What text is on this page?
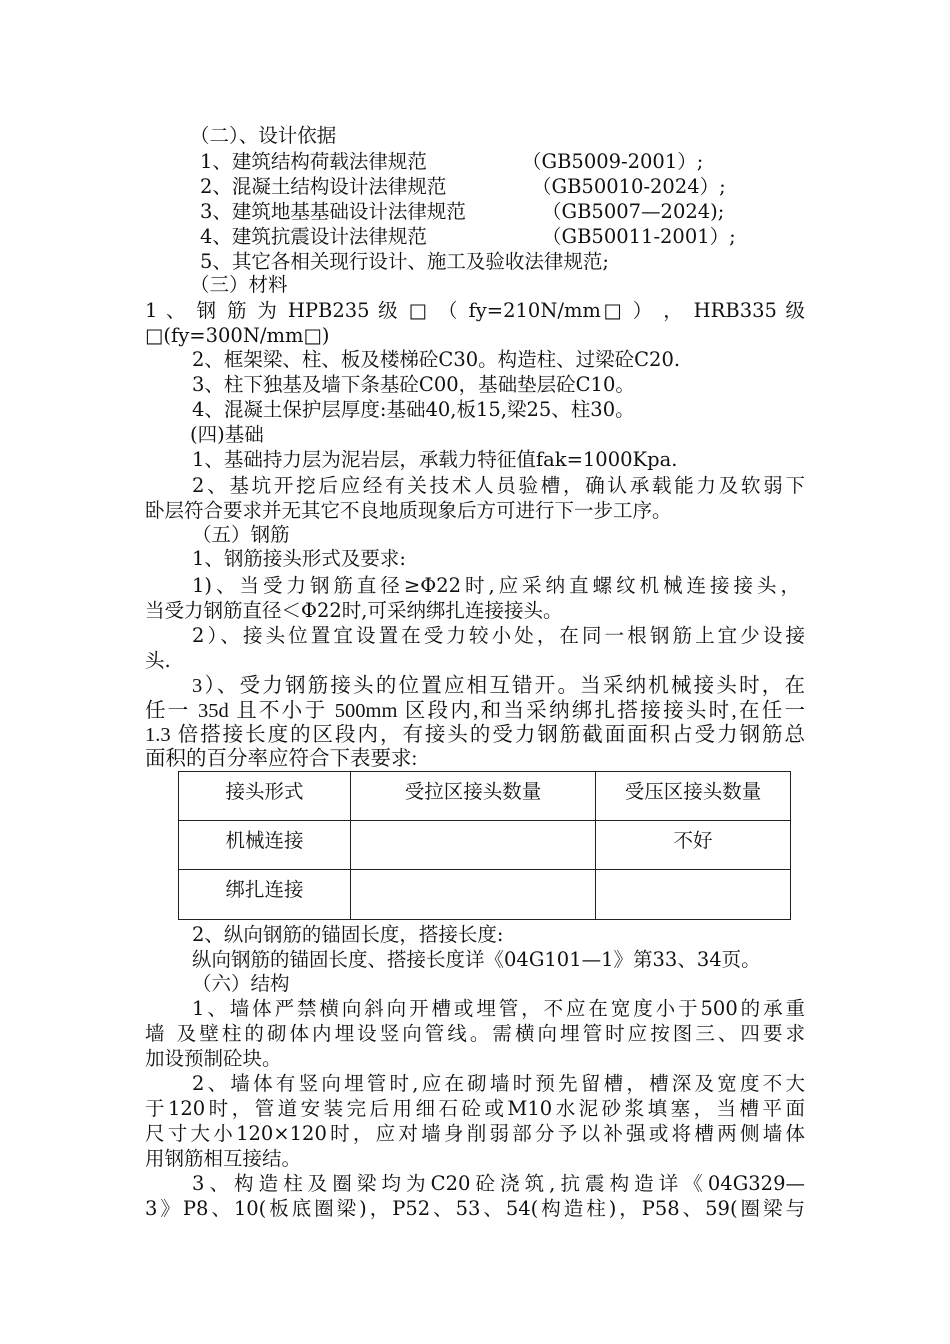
（二）、设计依据
1、建筑结构荷载法律规范	（GB5009-2001）;
2、混凝土结构设计法律规范	（GB50010-2024）;
3、建筑地基基础设计法律规范	（GB5007—2024);
4、建筑抗震设计法律规范	（GB50011-2001）;
5、其它各相关现行设计、施工及验收法律规范;
（三）材料
1 、 钢 筋 为 HPB235 级 □ （ fy=210N/mm□ ） ， HRB335 级
□(fy=300N/mm□)
2、框架梁、柱、板及楼梯砼C30。构造柱、过梁砼C20.
3、柱下独基及墙下条基砼C00，基础垫层砼C10。
4、混凝土保护层厚度:基础40,板15,梁25、柱30。
(四)基础
1、基础持力层为泥岩层，承载力特征值fak=1000Kpa.
2、基坑开挖后应经有关技术人员验槽，确认承载能力及软弱下
卧层符合要求并无其它不良地质现象后方可进行下一步工序。
（五）钢筋
1、钢筋接头形式及要求:
1)、当受力钢筋直径≥Φ22时,应采纳直螺纹机械连接接头，
当受力钢筋直径＜Φ22时,可采纳绑扎连接接头。
2）、接头位置宜设置在受力较小处，在同一根钢筋上宜少设接
头.
3）、受力钢筋接头的位置应相互错开。当采纳机械接头时，在
任一 35d 且不小于 500mm 区段内,和当采纳绑扎搭接接头时,在任一
1.3 倍搭接长度的区段内，有接头的受力钢筋截面面积占受力钢筋总
面积的百分率应符合下表要求:
接头形式	受拉区接头数量	受压区接头数量
机械连接		不好
绑扎连接		
2、纵向钢筋的锚固长度，搭接长度:
纵向钢筋的锚固长度、搭接长度详《04G101—1》第33、34页。
（六）结构
1、墙体严禁横向斜向开槽或埋管，不应在宽度小于500的承重
墙 及壁柱的砌体内埋设竖向管线。需横向埋管时应按图三、四要求
加设预制砼块。
2、墙体有竖向埋管时,应在砌墙时预先留槽，槽深及宽度不大
于120时，管道安装完后用细石砼或M10水泥砂浆填塞，当槽平面
尺寸大小120×120时，应对墙身削弱部分予以补强或将槽两侧墙体
用钢筋相互接结。
3、构造柱及圈梁均为C20砼浇筑,抗震构造详《04G329—
3》P8、10(板底圈梁)，P52、53、54(构造柱)，P58、59(圈梁与
